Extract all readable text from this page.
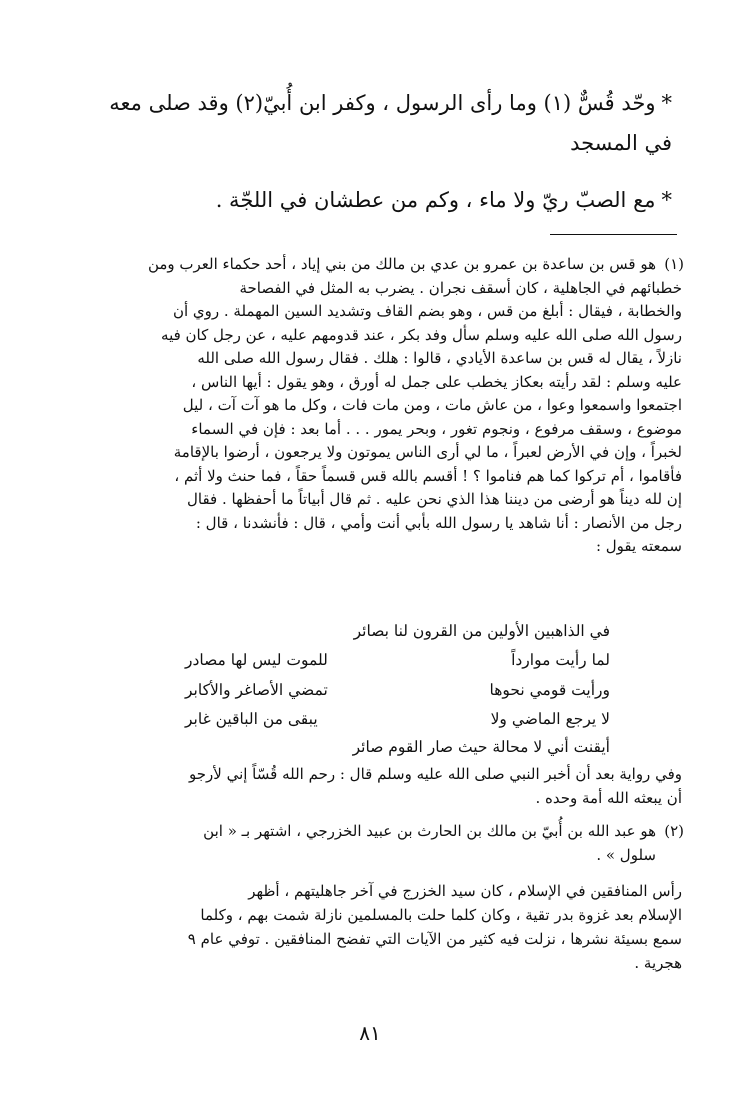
*وحّد قُسٌّ (١) وما رأى الرسول ، وكفر ابن أُبيّ(٢) وقد صلى معه
في المسجد
*مع الصبّ ريّ ولا ماء ، وكم من عطشان في اللجّة .
(١)
هو قس بن ساعدة بن عمرو بن عدي بن مالك من بني إياد ، أحد حكماء العرب ومن
خطبائهم في الجاهلية ، كان أسقف نجران . يضرب به المثل في الفصاحة
والخطابة ، فيقال : أبلغ من قس ، وهو بضم القاف وتشديد السين المهملة . روي أن
رسول الله صلى الله عليه وسلم سأل وفد بكر ، عند قدومهم عليه ، عن رجل كان فيه
نازلاً ، يقال له قس بن ساعدة الأيادي ، قالوا : هلك . فقال رسول الله صلى الله
عليه وسلم : لقد رأيته بعكاز يخطب على جمل له أورق ، وهو يقول : أيها الناس ،
اجتمعوا واسمعوا وعوا ، من عاش مات ، ومن مات فات ، وكل ما هو آت آت ، ليل
موضوع ، وسقف مرفوع ، ونجوم تغور ، وبحر يمور . . . أما بعد : فإن في السماء
لخبراً ، وإن في الأرض لعبراً ، ما لي أرى الناس يموتون ولا يرجعون ، أرضوا بالإقامة
فأقاموا ، أم تركوا كما هم فناموا ؟ ! أقسم بالله قس قسماً حقاً ، فما حنث ولا أثم ،
إن لله ديناً هو أرضى من ديننا هذا الذي نحن عليه . ثم قال أبياتاً ما أحفظها . فقال
رجل من الأنصار : أنا شاهد يا رسول الله بأبي أنت وأمي ، قال : فأنشدنا ، قال :
سمعته يقول :
في الذاهبين الأولين من القرون لنا بصائر
لما رأيت موارداً
للموت ليس لها مصادر
ورأيت قومي نحوها
تمضي الأصاغر والأكابر
لا يرجع الماضي ولا
يبقى من الباقين غابر
أيقنت أني لا محالة حيث صار القوم صائر
وفي رواية بعد أن أخبر النبي صلى الله عليه وسلم قال : رحم الله قُسّاً إني لأرجو
أن يبعثه الله أمة وحده .
(٢)
هو عبد الله بن أُبيّ بن مالك بن الحارث بن عبيد الخزرجي ، اشتهر بـ « ابن
سلول » .
رأس المنافقين في الإسلام ، كان سيد الخزرج في آخر جاهليتهم ، أظهر
الإسلام بعد غزوة بدر تقية ، وكان كلما حلت بالمسلمين نازلة شمت بهم ، وكلما
سمع بسيئة نشرها ، نزلت فيه كثير من الآيات التي تفضح المنافقين . توفي عام ٩
هجرية .
٨١
